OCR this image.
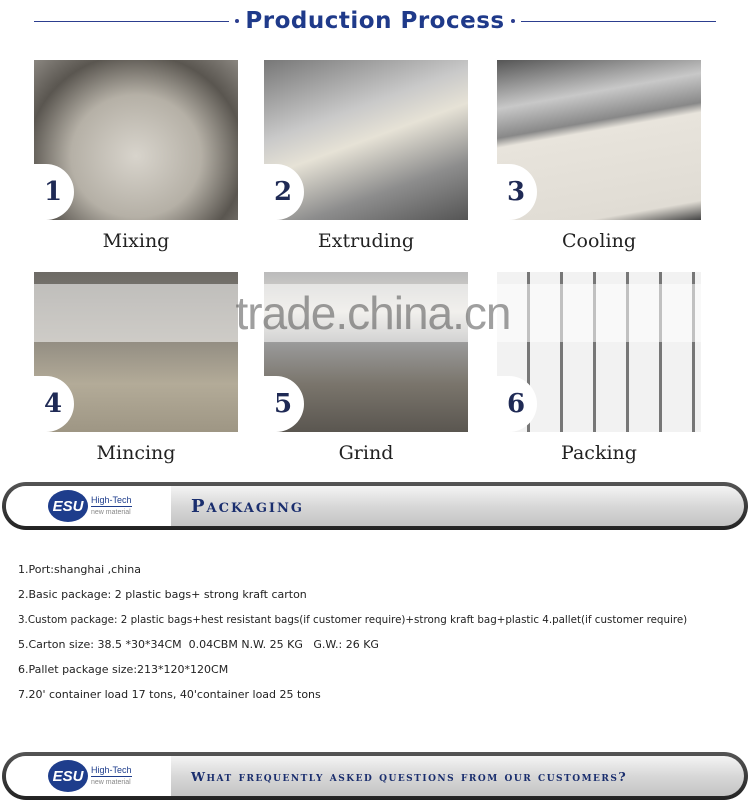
Production Process
1
Mixing
2
Extruding
3
Cooling
4
Mincing
5
Grind
6
Packing
trade.china.cn
ESU High-Tech
new material	Packaging

1.Port:shanghai ,china

2.Basic package: 2 plastic bags+ strong kraft carton

3.Custom package: 2 plastic bags+hest resistant bags(if customer require)+strong kraft bag+plastic 4.pallet(if customer require)

5.Carton size: 38.5 *30*34CM  0.04CBM N.W. 25 KG   G.W.: 26 KG

6.Pallet package size:213*120*120CM

7.20' container load 17 tons, 40'container load 25 tons

ESU High-Tech
new material	What frequently asked questions from our customers?
